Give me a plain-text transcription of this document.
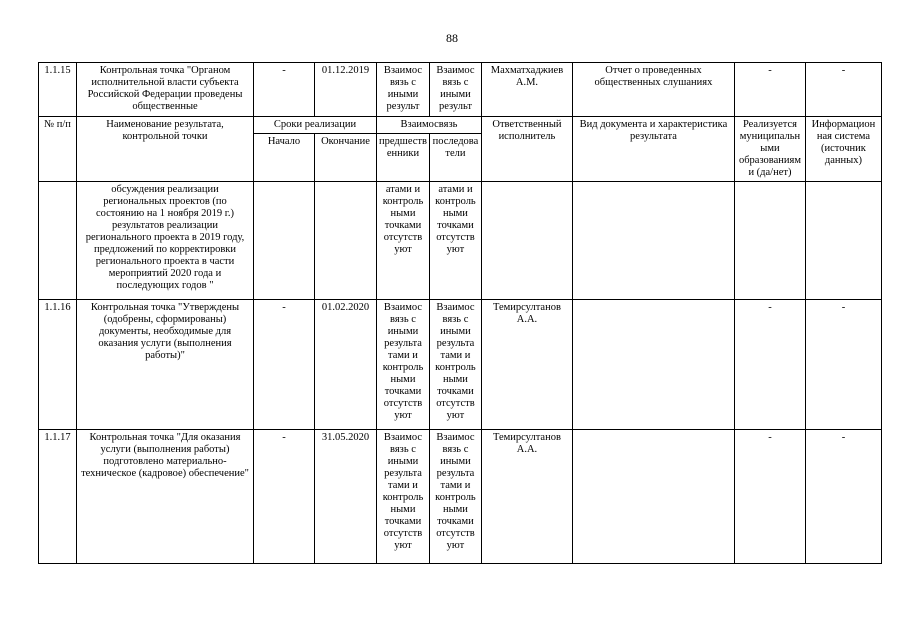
88
1.1.15	Контрольная точка "Органом исполнительной власти субъекта Российской Федерации проведены общественные	-	01.12.2019	Взаимос вязь с иными результ	Взаимос вязь с иными результ	Махматхаджиев А.М.	Отчет о проведенных общественных слушаниях	-	-
№ п/п	Наименование результата, контрольной точки	Сроки реализации		Взаимосвязь		Ответственный исполнитель	Вид документа и характеристика результата	Реализуется муниципальн ыми образованиям и (да/нет)	Информацион ная система (источник данных)
		Начало	Окончание	предшеств енники	последова тели				
	обсуждения реализации региональных проектов (по состоянию на 1 ноября 2019 г.) результатов реализации регионального проекта в 2019 году, предложений по корректировки регионального проекта в части мероприятий 2020 года и последующих годов "			атами и контроль ными точками отсутств уют	атами и контроль ными точками отсутств уют				
1.1.16	Контрольная точка "Утверждены (одобрены, сформированы) документы, необходимые для оказания услуги (выполнения работы)"	-	01.02.2020	Взаимос вязь с иными результа тами и контроль ными точками отсутств уют	Взаимос вязь с иными результа тами и контроль ными точками отсутств уют	Темирсултанов А.А.		-	-
1.1.17	Контрольная точка "Для оказания услуги (выполнения работы) подготовлено материально-техническое (кадровое) обеспечение"	-	31.05.2020	Взаимос вязь с иными результа тами и контроль ными точками отсутств уют	Взаимос вязь с иными результа тами и контроль ными точками отсутств уют	Темирсултанов А.А.		-	-
